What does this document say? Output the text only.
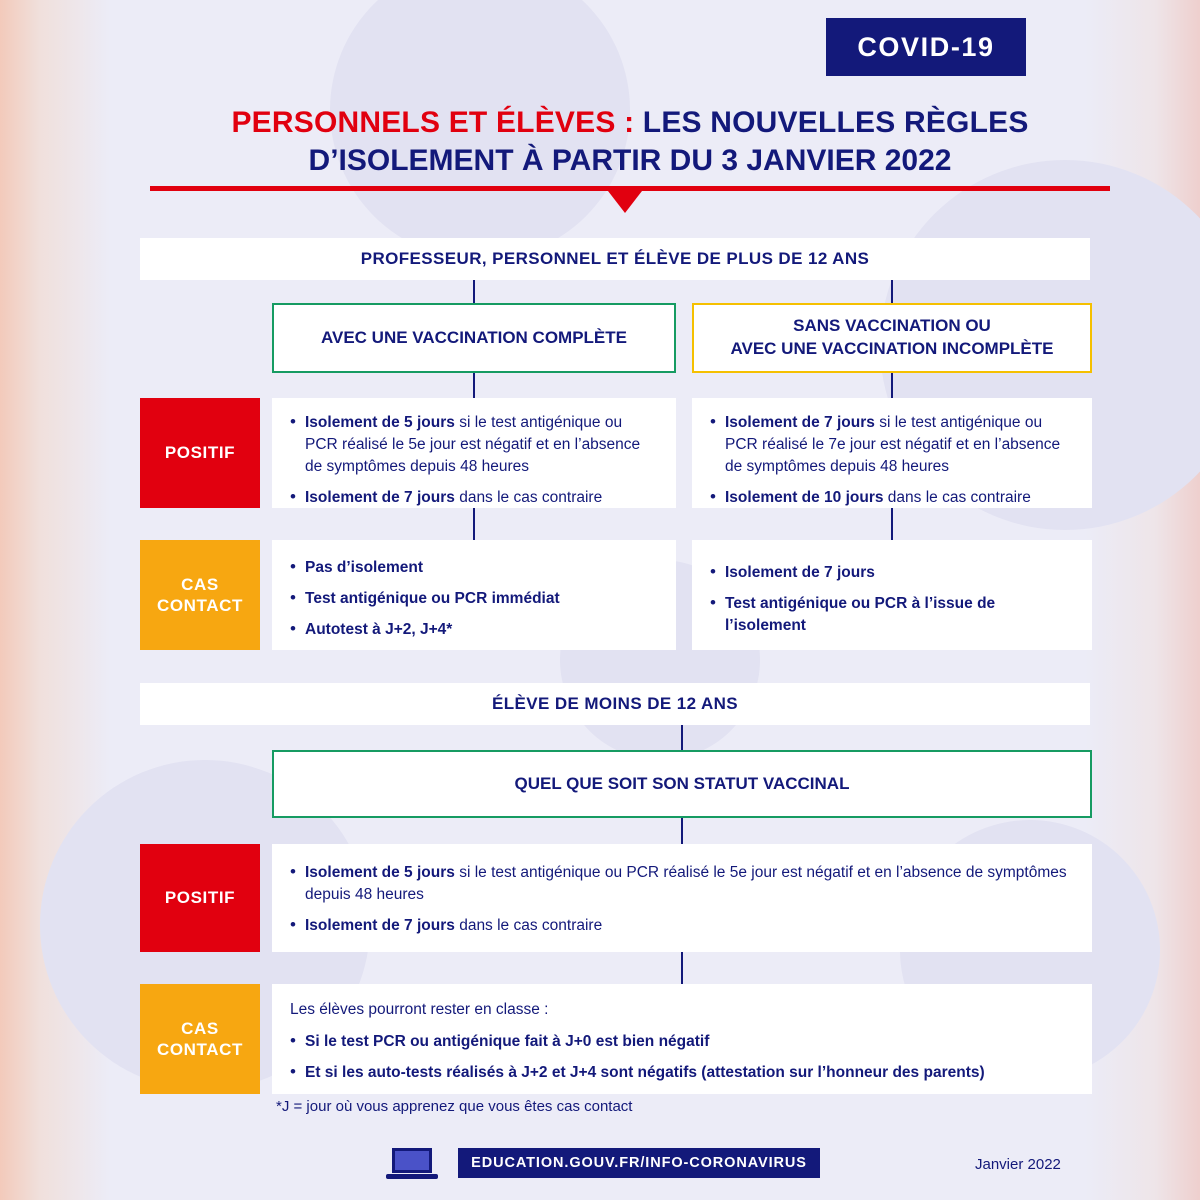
COVID-19
PERSONNELS ET ÉLÈVES : LES NOUVELLES RÈGLES
D’ISOLEMENT À PARTIR DU 3 JANVIER 2022
PROFESSEUR, PERSONNEL ET ÉLÈVE DE PLUS DE 12 ANS
AVEC UNE VACCINATION COMPLÈTE
SANS VACCINATION OU
AVEC UNE VACCINATION INCOMPLÈTE
POSITIF
CAS
CONTACT
• Isolement de 5 jours si le test antigénique ou PCR réalisé le 5e jour est négatif et en l’absence de symptômes depuis 48 heures
• Isolement de 7 jours dans le cas contraire
• Isolement de 7 jours si le test antigénique ou PCR réalisé le 7e jour est négatif et en l’absence de symptômes depuis 48 heures
• Isolement de 10 jours dans le cas contraire
• Pas d’isolement
• Test antigénique ou PCR immédiat
• Autotest à J+2, J+4*
• Isolement de 7 jours
• Test antigénique ou PCR à l’issue de l’isolement
ÉLÈVE DE MOINS DE 12 ANS
QUEL QUE SOIT SON STATUT VACCINAL
POSITIF
CAS
CONTACT
• Isolement de 5 jours si le test antigénique ou PCR réalisé le 5e jour est négatif et en l’absence de symptômes depuis 48 heures
• Isolement de 7 jours dans le cas contraire

Les élèves pourront rester en classe :

• Si le test PCR ou antigénique fait à J+0 est bien négatif
• Et si les auto-tests réalisés à J+2 et J+4 sont négatifs (attestation sur l’honneur des parents)
*J = jour où vous apprenez que vous êtes cas contact
EDUCATION.GOUV.FR/INFO-CORONAVIRUS	Janvier 2022
